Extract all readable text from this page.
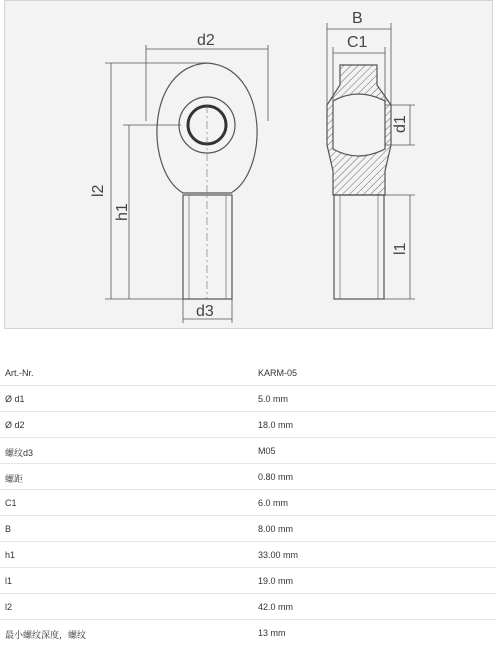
d2
l2
h1
d3
B
C1
d1
l1
Art.-Nr.	KARM-05
Ø d1	5.0 mm
Ø d2	18.0 mm
螺纹d3	M05
螺距	0.80 mm
C1	6.0 mm
B	8.00 mm
h1	33.00 mm
l1	19.0 mm
l2	42.0 mm
最小螺纹深度，螺纹	13 mm
